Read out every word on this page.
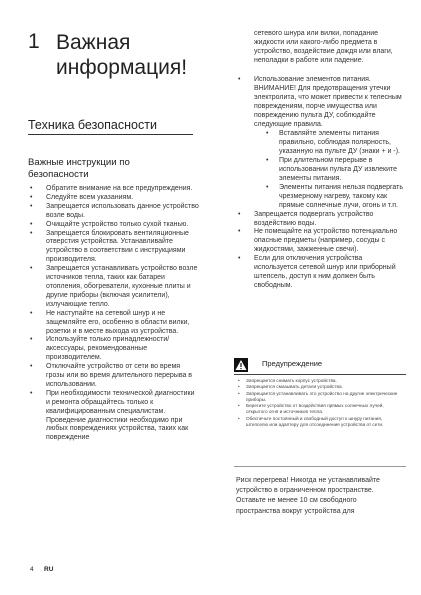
1 Важная информация!
Техника безопасности
Важные инструкции по безопасности
• Обратите внимание на все предупреждения.
• Следуйте всем указаниям.
• Запрещается использовать данное устройство возле воды.
• Очищайте устройство только сухой тканью.
• Запрещается блокировать вентиляционные отверстия устройства. Устанавливайте устройство в соответствии с инструкциями производителя.
• Запрещается устанавливать устройство возле источников тепла, таких как батареи отопления, обогреватели, кухонные плиты и другие приборы (включая усилители), излучающие тепло.
• Не наступайте на сетевой шнур и не защемляйте его, особенно в области вилки, розетки и в месте выхода из устройства.
• Используйте только принадлежности/аксессуары, рекомендованные производителем.
• Отключайте устройство от сети во время грозы или во время длительного перерыва в использовании.
• При необходимости технической диагностики и ремонта обращайтесь только к квалифицированным специалистам. Проведение диагностики необходимо при любых повреждениях устройства, таких как повреждение
сетевого шнура или вилки, попадание жидкости или какого-либо предмета в устройство, воздействие дождя или влаги, неполадки в работе или падение.
• Использование элементов питания. ВНИМАНИЕ! Для предотвращения утечки электролита, что может привести к телесным повреждениям, порче имущества или повреждению пульта ДУ, соблюдайте следующие правила.
• Вставляйте элементы питания правильно, соблюдая полярность, указанную на пульте ДУ (знаки + и -).
• При длительном перерыве в использовании пульта ДУ извлеките элементы питания.
• Элементы питания нельзя подвергать чрезмерному нагреву, такому как прямые солнечные лучи, огонь и т.п.
• Запрещается подвергать устройство воздействию воды.
• Не помещайте на устройство потенциально опасные предметы (например, сосуды с жидкостями, зажженные свечи).
• Если для отключения устройства используется сетевой шнур или приборный штепсель, доступ к ним должен быть свободным.
Предупреждение
• Запрещается снимать корпус устройства.
• Запрещается смазывать детали устройства.
• Запрещается устанавливать это устройство на другие электрические приборы.
• Берегите устройство от воздействия прямых солнечных лучей, открытого огня и источников тепла.
• Обеспечьте постоянный и свободный доступ к шнуру питания, штепселю или адаптеру для отсоединения устройства от сети.
Риск перегрева! Никогда не устанавливайте устройство в ограниченном пространстве. Оставьте не менее 10 см свободного пространства вокруг устройства для
4 RU
